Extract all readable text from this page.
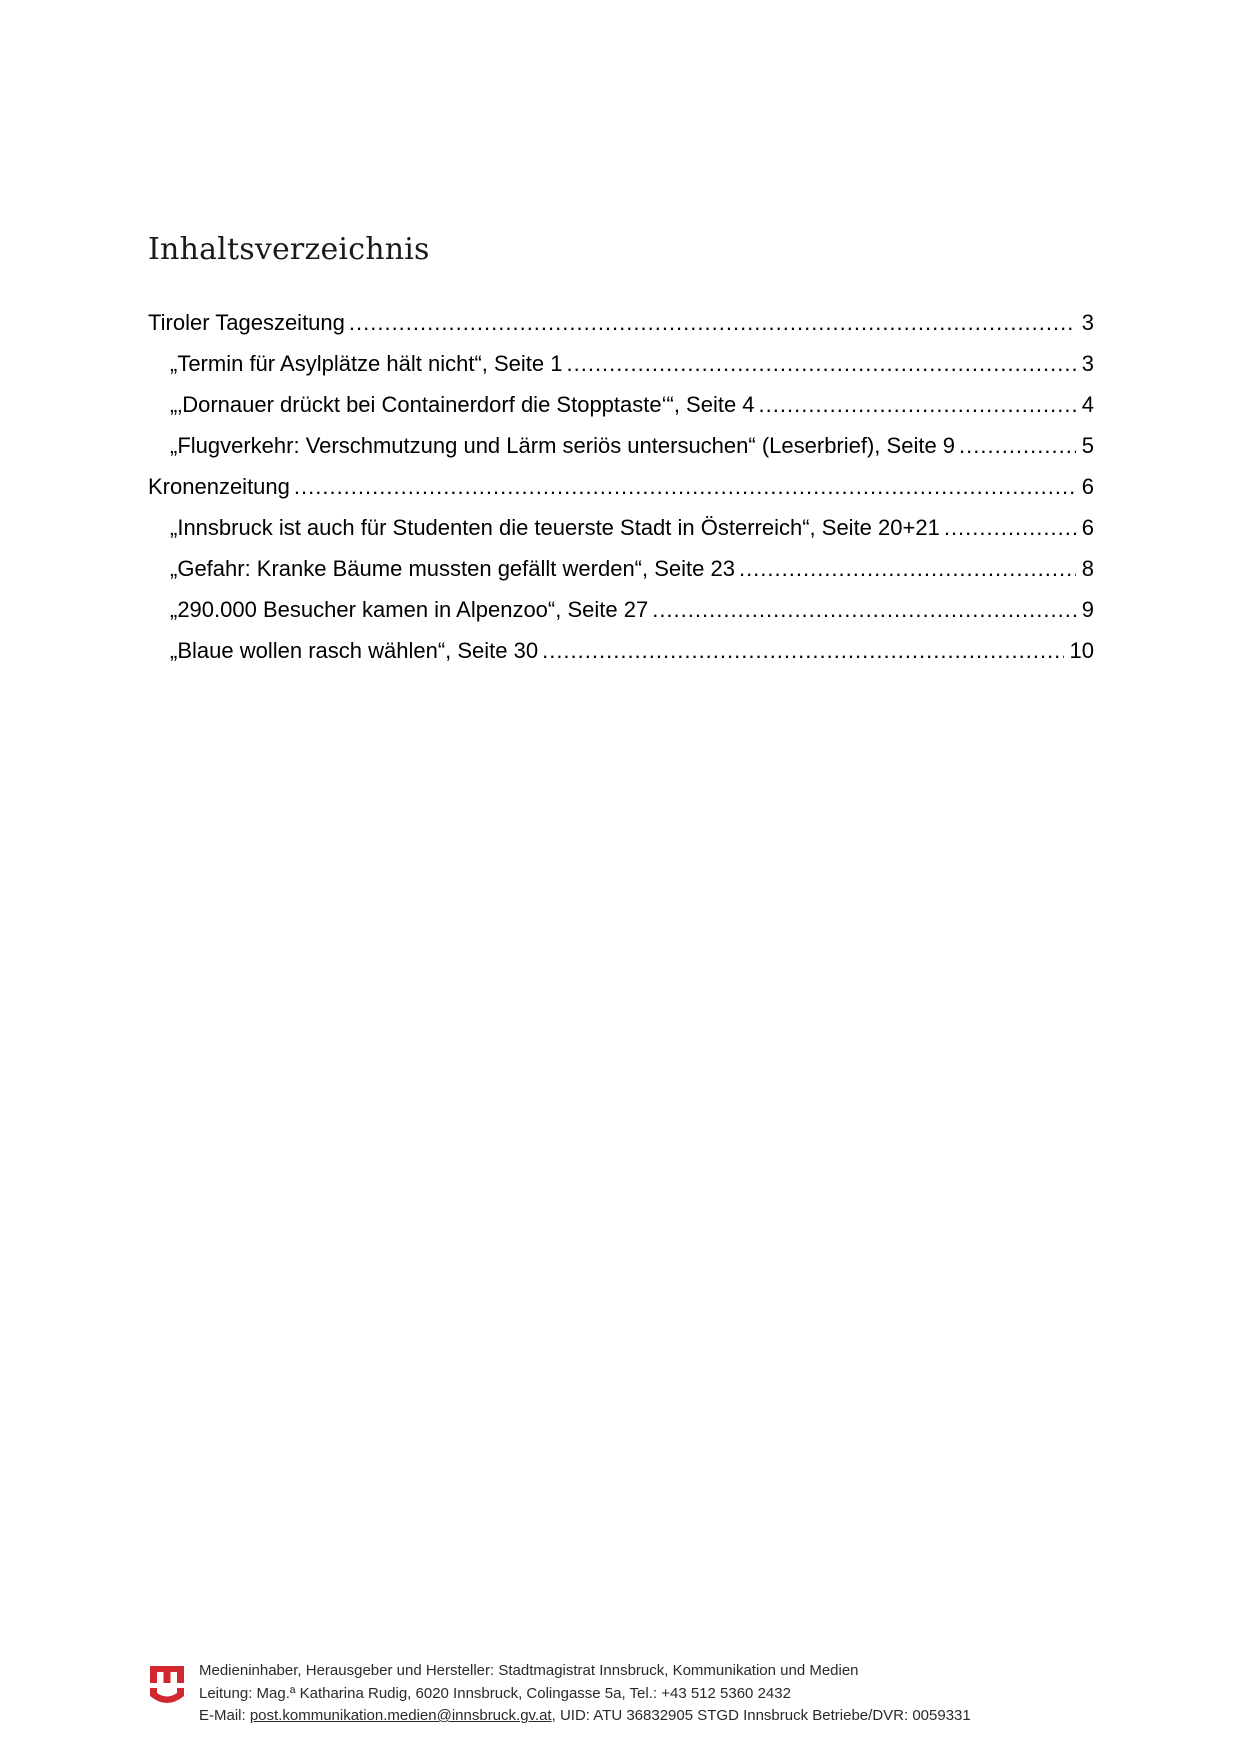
Inhaltsverzeichnis
Tiroler Tageszeitung .....	3
„Termin für Asylplätze hält nicht“, Seite 1 .....	3
„‚Dornauer drückt bei Containerdorf die Stopptaste‘“, Seite 4 .....	4
„Flugverkehr: Verschmutzung und Lärm seriös untersuchen“ (Leserbrief), Seite 9 .....	5
Kronenzeitung .....	6
„Innsbruck ist auch für Studenten die teuerste Stadt in Österreich“, Seite 20+21 .....	6
„Gefahr: Kranke Bäume mussten gefällt werden“, Seite 23 .....	8
„290.000 Besucher kamen in Alpenzoo“, Seite 27 .....	9
„Blaue wollen rasch wählen“, Seite 30 .....	10
Medieninhaber, Herausgeber und Hersteller: Stadtmagistrat Innsbruck, Kommunikation und Medien
Leitung: Mag.ª Katharina Rudig, 6020 Innsbruck, Colingasse 5a, Tel.: +43 512 5360 2432
E-Mail: post.kommunikation.medien@innsbruck.gv.at, UID: ATU 36832905 STGD Innsbruck Betriebe/DVR: 0059331
